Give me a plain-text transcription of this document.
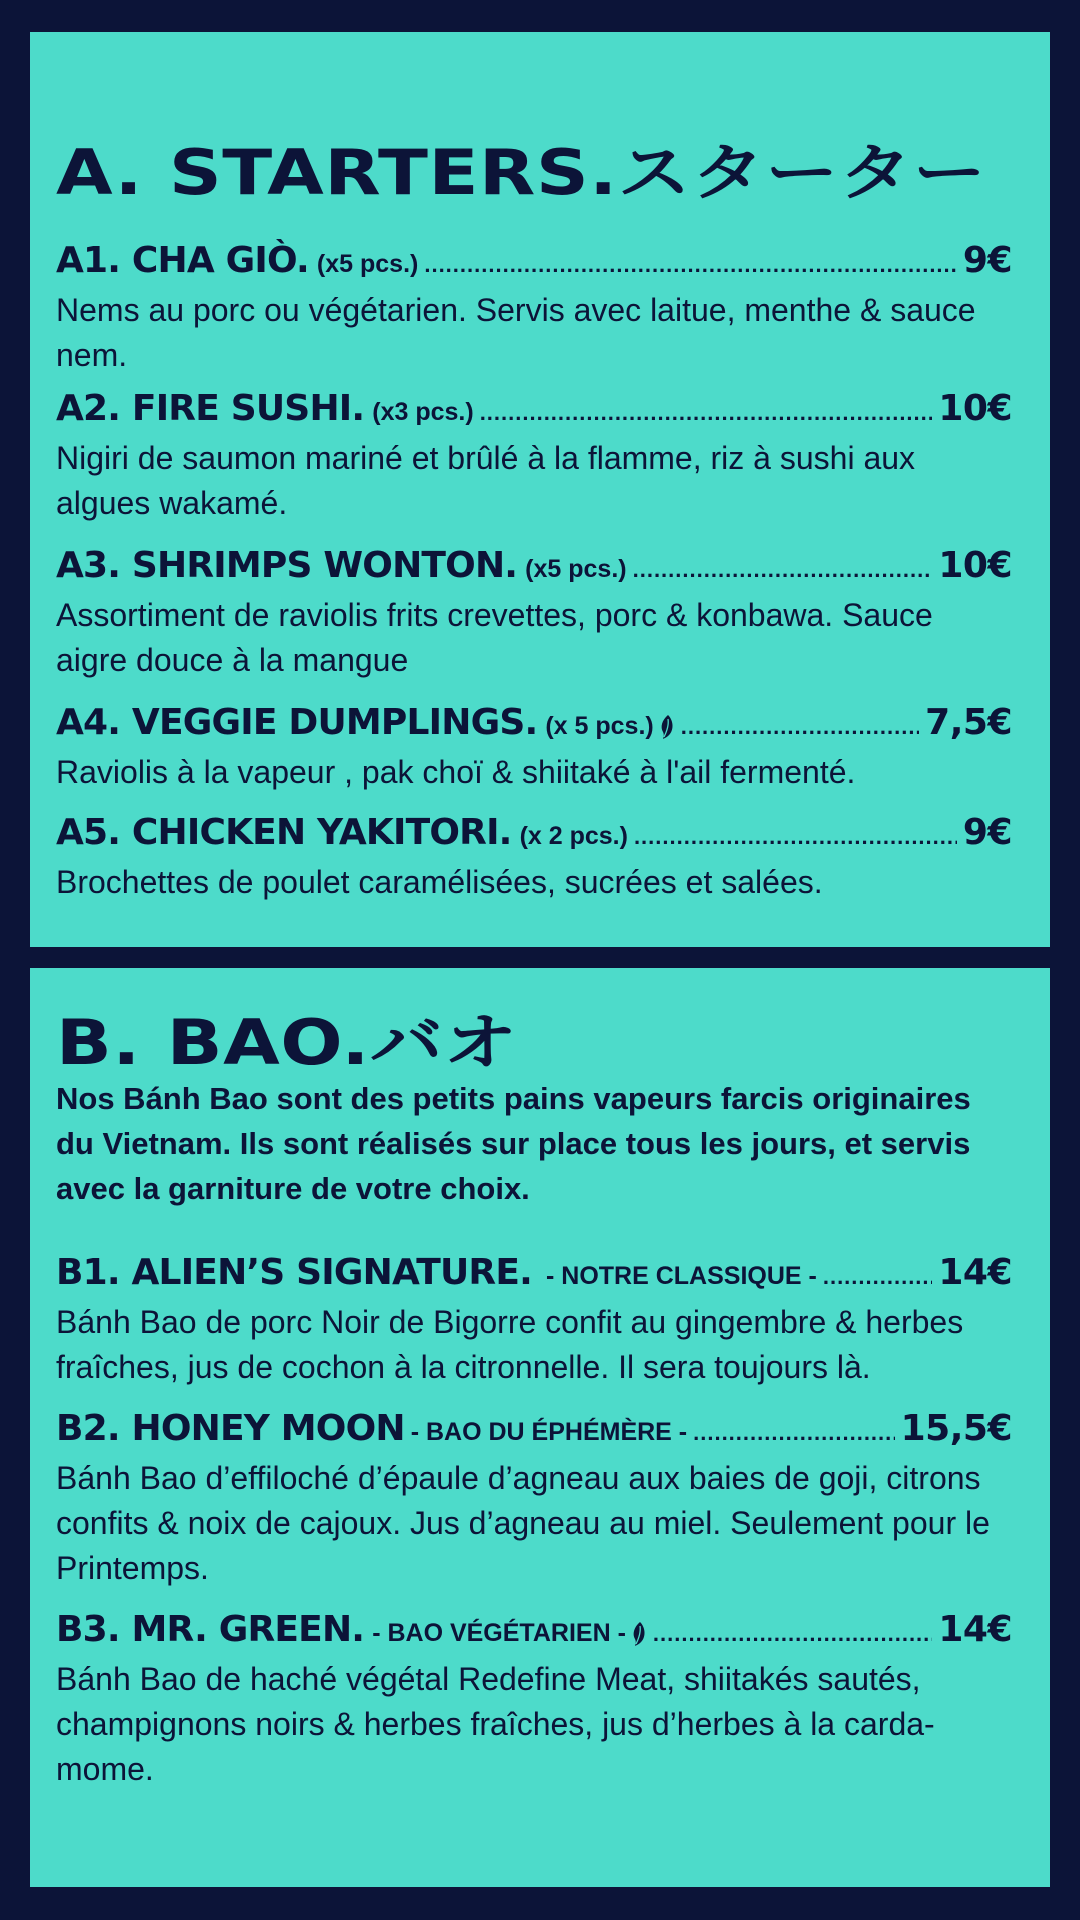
A. STARTERS.スターター
A1. CHA GIÒ. (x5 pcs.) .....	9€
Nems au porc ou végétarien. Servis avec laitue, menthe & sauce nem.
A2. FIRE SUSHI. (x3 pcs.) .....	10€
Nigiri de saumon mariné et brûlé à la flamme, riz à sushi aux algues wakamé.
A3. SHRIMPS WONTON. (x5 pcs.) .....	10€
Assortiment de raviolis frits crevettes, porc & konbawa. Sauce aigre douce à la mangue
A4. VEGGIE DUMPLINGS. (x 5 pcs.) .....	7,5€
Raviolis à la vapeur , pak choï & shiitaké à l'ail fermenté.
A5. CHICKEN YAKITORI. (x 2 pcs.) .....	9€
Brochettes de poulet caramélisées, sucrées et salées.
B. BAO.バオ

Nos Bánh Bao sont des petits pains vapeurs farcis originaires du Vietnam. Ils sont réalisés sur place tous les jours, et servis avec la garniture de votre choix.

B1. ALIEN’S SIGNATURE. - NOTRE CLASSIQUE - .....	14€
Bánh Bao de porc Noir de Bigorre confit au gingembre & herbes fraîches, jus de cochon à la citronnelle. Il sera toujours là.
B2. HONEY MOON - BAO DU ÉPHÉMÈRE - .....	15,5€
Bánh Bao d’effiloché d’épaule d’agneau aux baies de goji, citrons confits & noix de cajoux. Jus d’agneau au miel. Seulement pour le Printemps.
B3. MR. GREEN. - BAO VÉGÉTARIEN - .....	14€
Bánh Bao de haché végétal Redefine Meat, shiitakés sautés, champignons noirs & herbes fraîches, jus d’herbes à la carda-mome.
